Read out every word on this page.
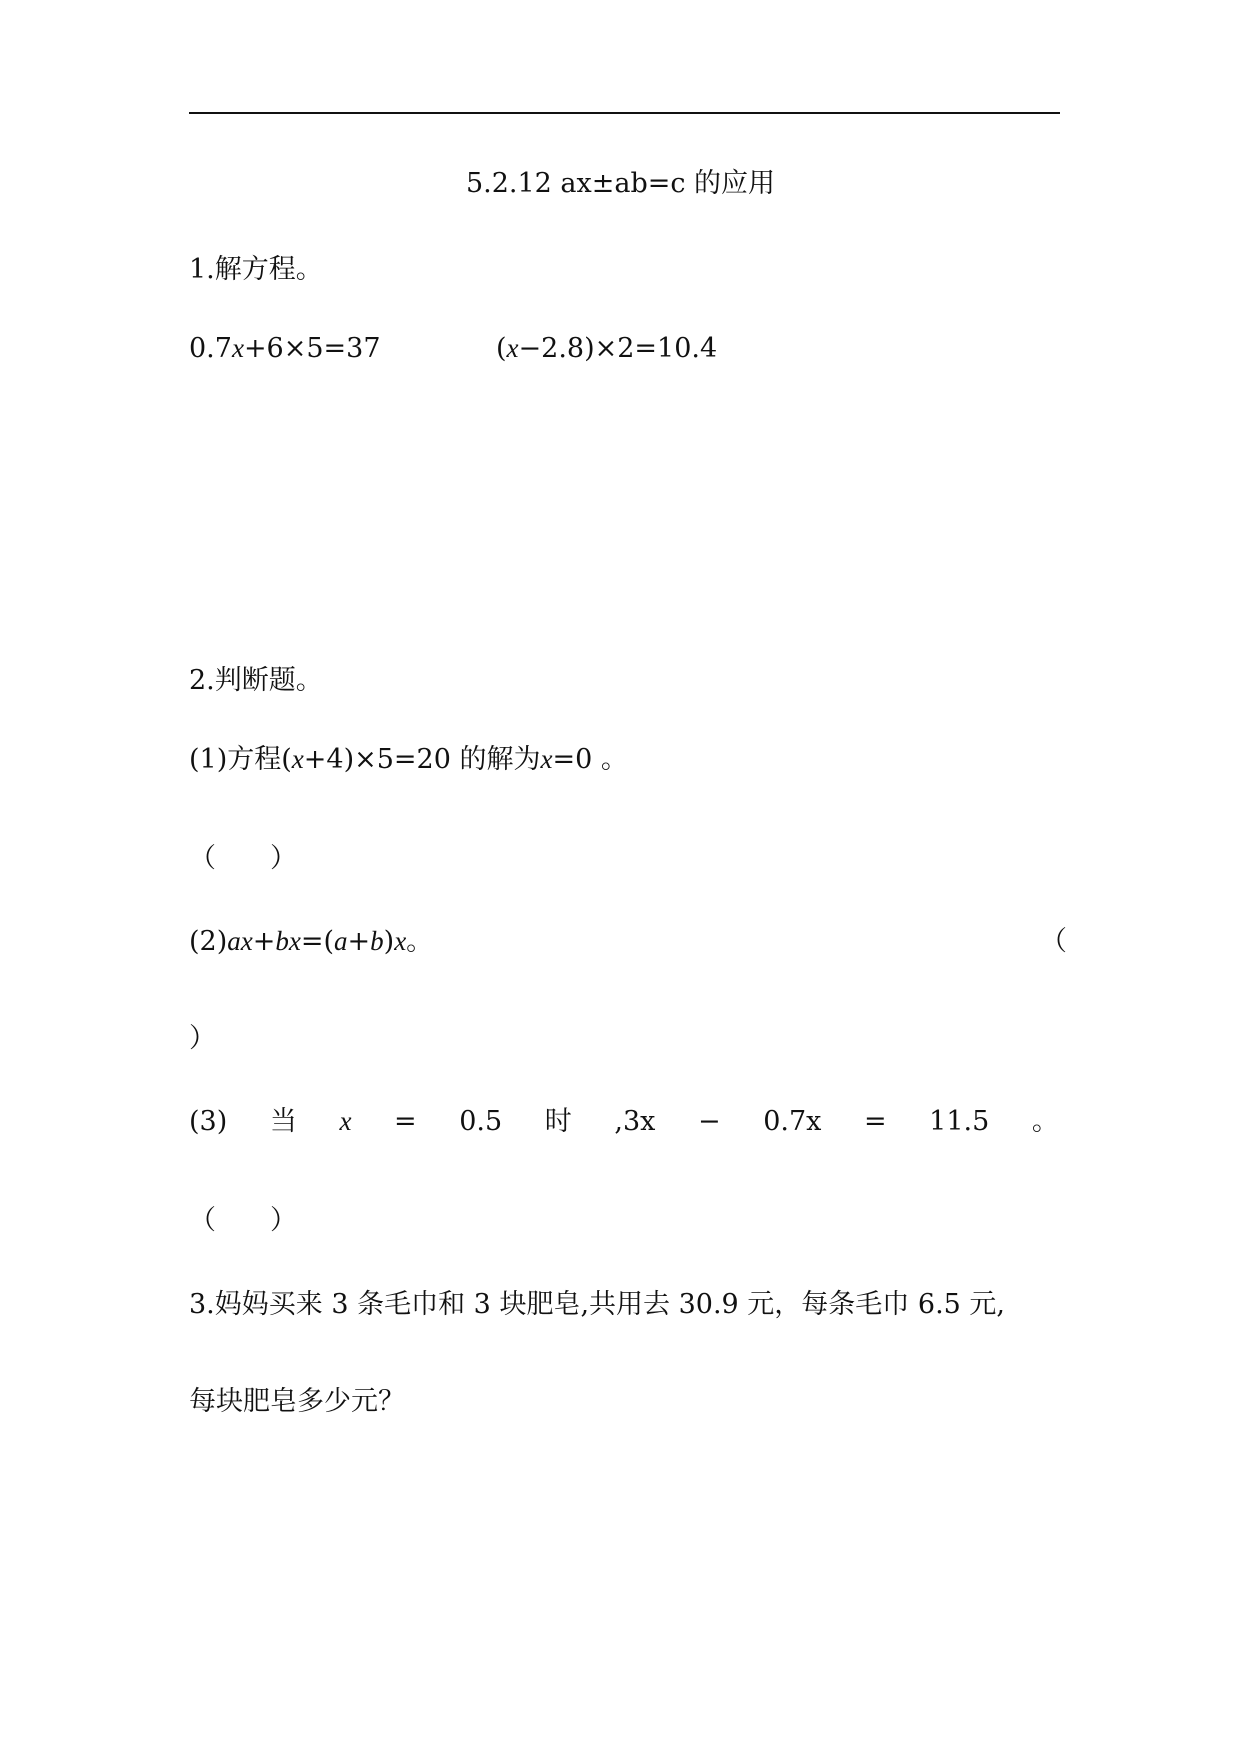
5.2.12 ax±ab=c 的应用
1.解方程。
0.7x+6×5=37	(x−2.8)×2=10.4
2.判断题。
(1)方程(x+4)×5=20 的解为x=0 。
（　　）
(2)ax+bx=(a+b)x。	（
）
(3) 当 x = 0.5 时 ,3x − 0.7x = 11.5 。
（　　）
3.妈妈买来 3 条毛巾和 3 块肥皂,共用去 30.9 元，每条毛巾 6.5 元,
每块肥皂多少元？
